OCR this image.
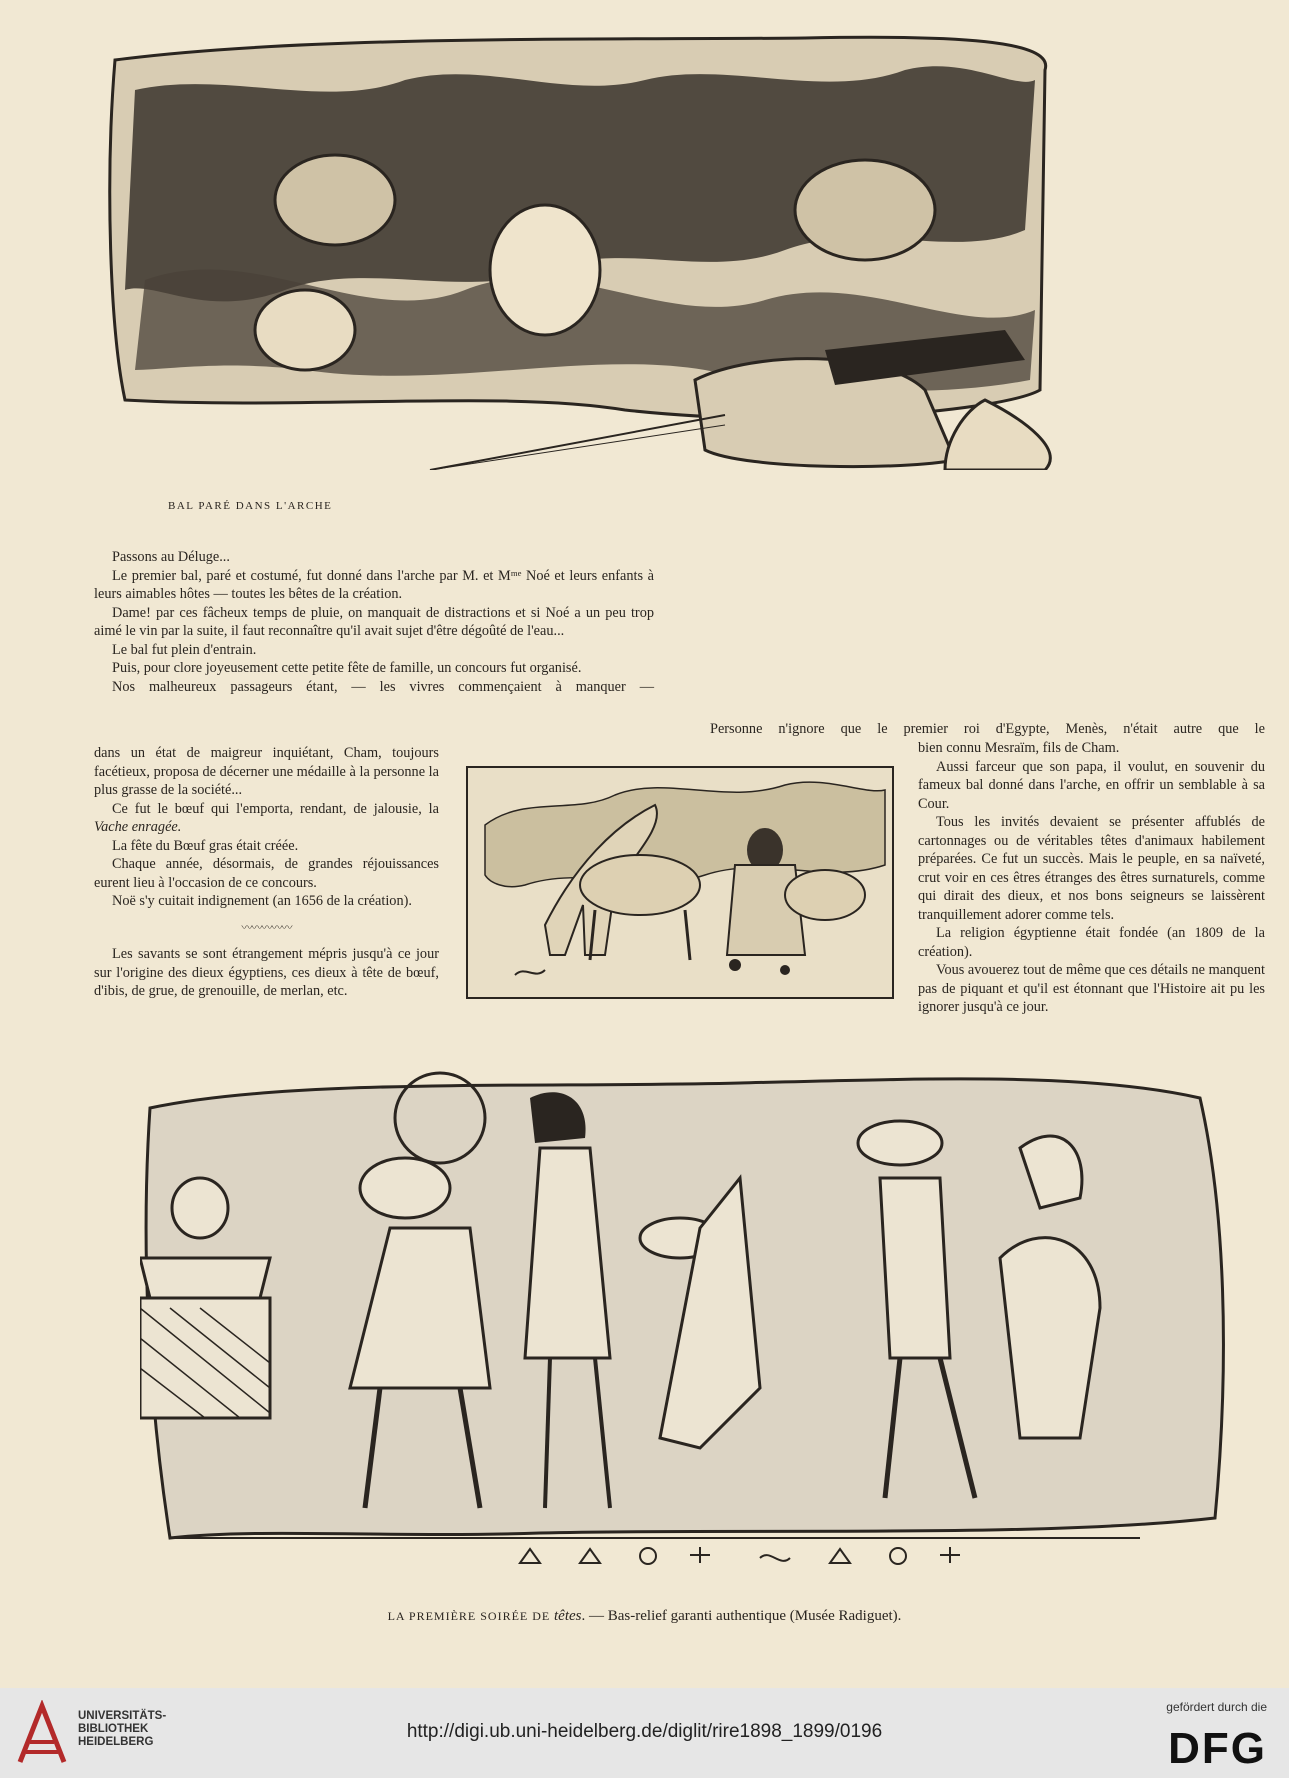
BAL PARÉ DANS L'ARCHE

Passons au Déluge...

Le premier bal, paré et costumé, fut donné dans l'arche par M. et Mᵐᵉ Noé et leurs enfants à leurs aimables hôtes — toutes les bêtes de la création.

Dame! par ces fâcheux temps de pluie, on manquait de distractions et si Noé a un peu trop aimé le vin par la suite, il faut reconnaître qu'il avait sujet d'être dégoûté de l'eau...

Le bal fut plein d'entrain.

Puis, pour clore joyeusement cette petite fête de famille, un concours fut organisé.

Nos malheureux passageurs étant, — les vivres commençaient à manquer —

dans un état de maigreur inquiétant, Cham, toujours facétieux, proposa de décerner une médaille à la personne la plus grasse de la société...

Ce fut le bœuf qui l'emporta, rendant, de jalousie, la Vache enragée.

La fête du Bœuf gras était créée.

Chaque année, désormais, de grandes réjouissances eurent lieu à l'occasion de ce concours.

Noë s'y cuitait indignement (an 1656 de la création).

〰〰〰〰〰

Les savants se sont étrangement mépris jusqu'à ce jour sur l'origine des dieux égyptiens, ces dieux à tête de bœuf, d'ibis, de grue, de grenouille, de merlan, etc.

Personne n'ignore que le premier roi d'Egypte, Menès, n'était autre que le

bien connu Mesraïm, fils de Cham.

Aussi farceur que son papa, il voulut, en souvenir du fameux bal donné dans l'arche, en offrir un semblable à sa Cour.

Tous les invités devaient se présenter affublés de cartonnages ou de véritables têtes d'animaux habilement préparées. Ce fut un succès. Mais le peuple, en sa naïveté, crut voir en ces êtres étranges des êtres surnaturels, comme qui dirait des dieux, et nos bons seigneurs se laissèrent tranquillement adorer comme tels.

La religion égyptienne était fondée (an 1809 de la création).

Vous avouerez tout de même que ces détails ne manquent pas de piquant et qu'il est étonnant que l'Histoire ait pu les ignorer jusqu'à ce jour.

LA PREMIÈRE SOIRÉE DE têtes. — Bas-relief garanti authentique (Musée Radiguet).
UNIVERSITÄTS-
BIBLIOTHEK
HEIDELBERG	http://digi.ub.uni-heidelberg.de/diglit/rire1898_1899/0196
gefördert durch die
DFG
